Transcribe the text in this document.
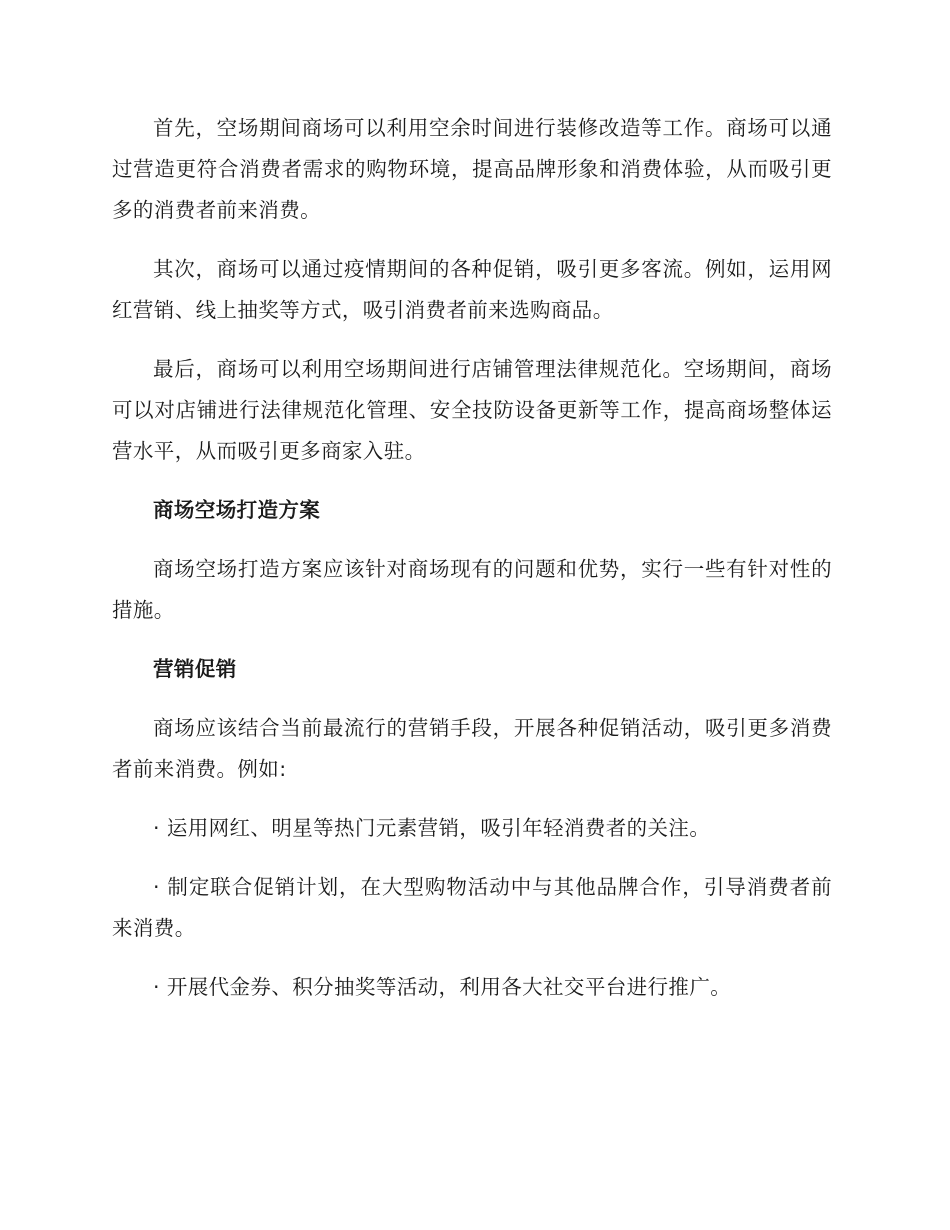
首先，空场期间商场可以利用空余时间进行装修改造等工作。商场可以通过营造更符合消费者需求的购物环境，提高品牌形象和消费体验，从而吸引更多的消费者前来消费。

其次，商场可以通过疫情期间的各种促销，吸引更多客流。例如，运用网红营销、线上抽奖等方式，吸引消费者前来选购商品。

最后，商场可以利用空场期间进行店铺管理法律规范化。空场期间，商场可以对店铺进行法律规范化管理、安全技防设备更新等工作，提高商场整体运营水平，从而吸引更多商家入驻。

商场空场打造方案

商场空场打造方案应该针对商场现有的问题和优势，实行一些有针对性的措施。

营销促销

商场应该结合当前最流行的营销手段，开展各种促销活动，吸引更多消费者前来消费。例如:

· 运用网红、明星等热门元素营销，吸引年轻消费者的关注。

· 制定联合促销计划，在大型购物活动中与其他品牌合作，引导消费者前来消费。

· 开展代金券、积分抽奖等活动，利用各大社交平台进行推广。
